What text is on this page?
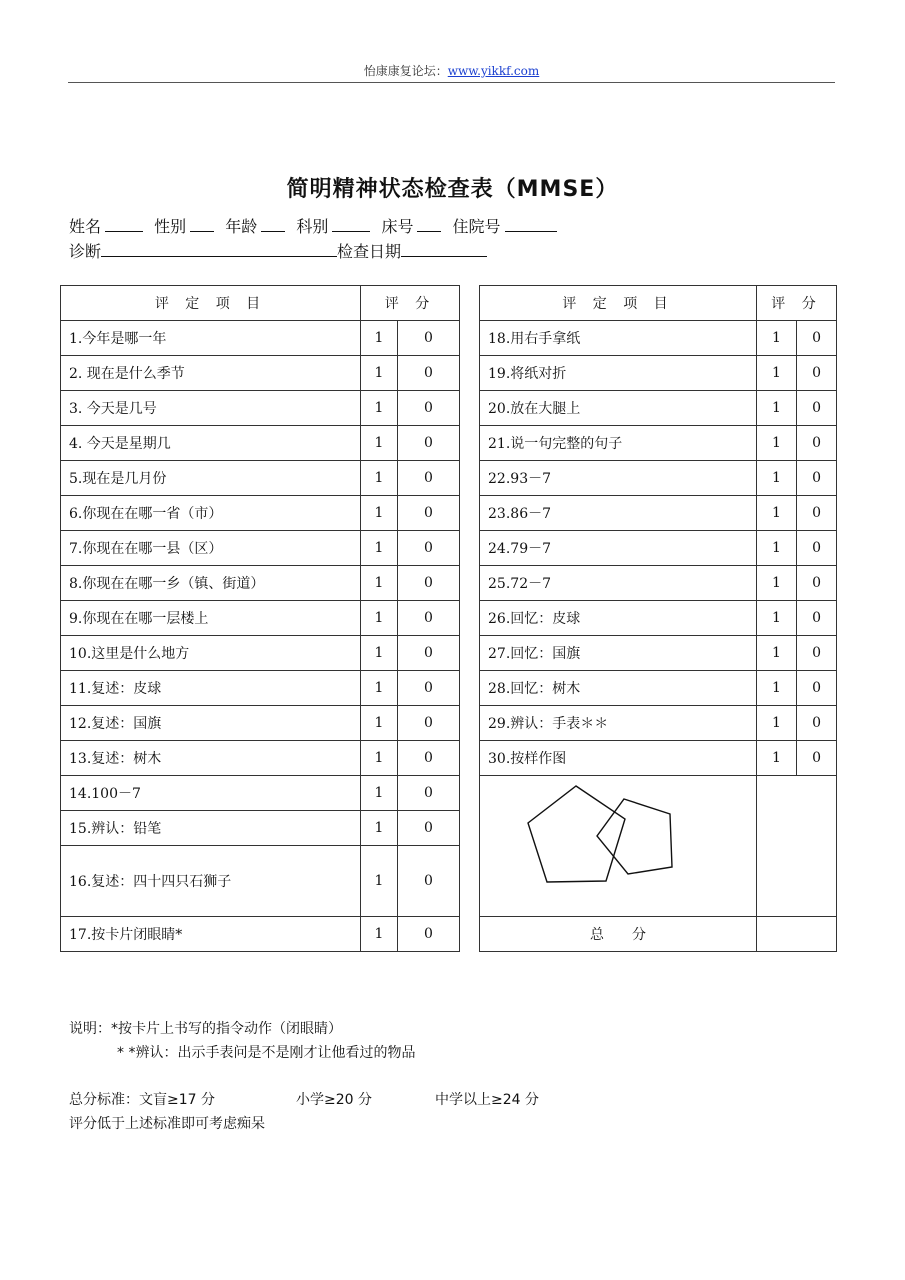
怡康康复论坛：www.yikkf.com
简明精神状态检查表（MMSE）
姓名	性别 年龄 科别	床号 住院号
诊断	检查日期
评 定 项 目	评 分			评 定 项 目	评 分	
1.今年是哪一年	1	0		18.用右手拿纸	1	0
2. 现在是什么季节	1	0		19.将纸对折	1	0
3. 今天是几号	1	0		20.放在大腿上	1	0
4. 今天是星期几	1	0		21.说一句完整的句子	1	0
5.现在是几月份	1	0		22.93－7	1	0
6.你现在在哪一省（市）	1	0		23.86－7	1	0
7.你现在在哪一县（区）	1	0		24.79－7	1	0
8.你现在在哪一乡（镇、街道）	1	0		25.72－7	1	0
9.你现在在哪一层楼上	1	0		26.回忆：皮球	1	0
10.这里是什么地方	1	0		27.回忆：国旗	1	0
11.复述：皮球	1	0		28.回忆：树木	1	0
12.复述：国旗	1	0		29.辨认：手表＊＊	1	0
13.复述：树木	1	0		30.按样作图	1	0
14.100－7	1	0	

15.辨认：铅笔	1	0				
16.复述：四十四只石狮子	1	0				
17.按卡片闭眼睛*	1	0		总　　分		
说明：*按卡片上书写的指令动作（闭眼睛）
* *辨认：出示手表问是不是刚才让他看过的物品
总分标准：文盲≥17 分	小学≥20 分	中学以上≥24 分
评分低于上述标准即可考虑痴呆
